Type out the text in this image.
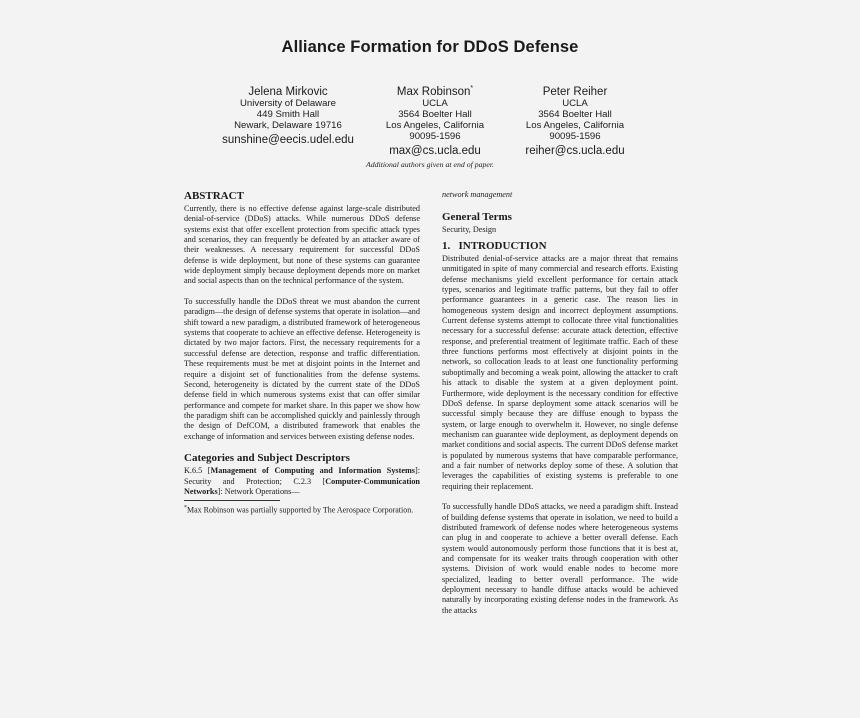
Alliance Formation for DDoS Defense
Jelena Mirkovic
University of Delaware
449 Smith Hall
Newark, Delaware 19716
sunshine@eecis.udel.edu
Max Robinson*
UCLA
3564 Boelter Hall
Los Angeles, California
90095-1596
max@cs.ucla.edu
Peter Reiher
UCLA
3564 Boelter Hall
Los Angeles, California
90095-1596
reiher@cs.ucla.edu
Additional authors given at end of paper.
ABSTRACT

Currently, there is no effective defense against large-scale distributed denial-of-service (DDoS) attacks. While numerous DDoS defense systems exist that offer excellent protection from specific attack types and scenarios, they can frequently be defeated by an attacker aware of their weaknesses. A necessary requirement for successful DDoS defense is wide deployment, but none of these systems can guarantee wide deployment simply because deployment depends more on market and social aspects than on the technical performance of the system.

To successfully handle the DDoS threat we must abandon the current paradigm—the design of defense systems that operate in isolation—and shift toward a new paradigm, a distributed framework of heterogeneous systems that cooperate to achieve an effective defense. Heterogeneity is dictated by two major factors. First, the necessary requirements for a successful defense are detection, response and traffic differentiation. These requirements must be met at disjoint points in the Internet and require a disjoint set of functionalities from the defense systems. Second, heterogeneity is dictated by the current state of the DDoS defense field in which numerous systems exist that can offer similar performance and compete for market share. In this paper we show how the paradigm shift can be accomplished quickly and painlessly through the design of DefCOM, a distributed framework that enables the exchange of information and services between existing defense nodes.

Categories and Subject Descriptors

K.6.5 [Management of Computing and Information Systems]: Security and Protection; C.2.3 [Computer-Communication Networks]: Network Operations—

*Max Robinson was partially supported by The Aerospace Corporation.

network management

General Terms

Security, Design

1.   INTRODUCTION

Distributed denial-of-service attacks are a major threat that remains unmitigated in spite of many commercial and research efforts. Existing defense mechanisms yield excellent performance for certain attack types, scenarios and legitimate traffic patterns, but they fail to offer performance guarantees in a generic case. The reason lies in homogeneous system design and incorrect deployment assumptions. Current defense systems attempt to collocate three vital functionalities necessary for a successful defense: accurate attack detection, effective response, and preferential treatment of legitimate traffic. Each of these three functions performs most effectively at disjoint points in the network, so collocation leads to at least one functionality performing suboptimally and becoming a weak point, allowing the attacker to craft his attack to disable the system at a given deployment point. Furthermore, wide deployment is the necessary condition for effective DDoS defense. In sparse deployment some attack scenarios will be successful simply because they are diffuse enough to bypass the system, or large enough to overwhelm it. However, no single defense mechanism can guarantee wide deployment, as deployment depends on market conditions and social aspects. The current DDoS defense market is populated by numerous systems that have comparable performance, and a fair number of networks deploy some of these. A solution that leverages the capabilities of existing systems is preferable to one requiring their replacement.

To successfully handle DDoS attacks, we need a paradigm shift. Instead of building defense systems that operate in isolation, we need to build a distributed framework of defense nodes where heterogeneous systems can plug in and cooperate to achieve a better overall defense. Each system would autonomously perform those functions that it is best at, and compensate for its weaker traits through cooperation with other systems. Division of work would enable nodes to become more specialized, leading to better overall performance. The wide deployment necessary to handle diffuse attacks would be achieved naturally by incorporating existing defense nodes in the framework. As the attacks
